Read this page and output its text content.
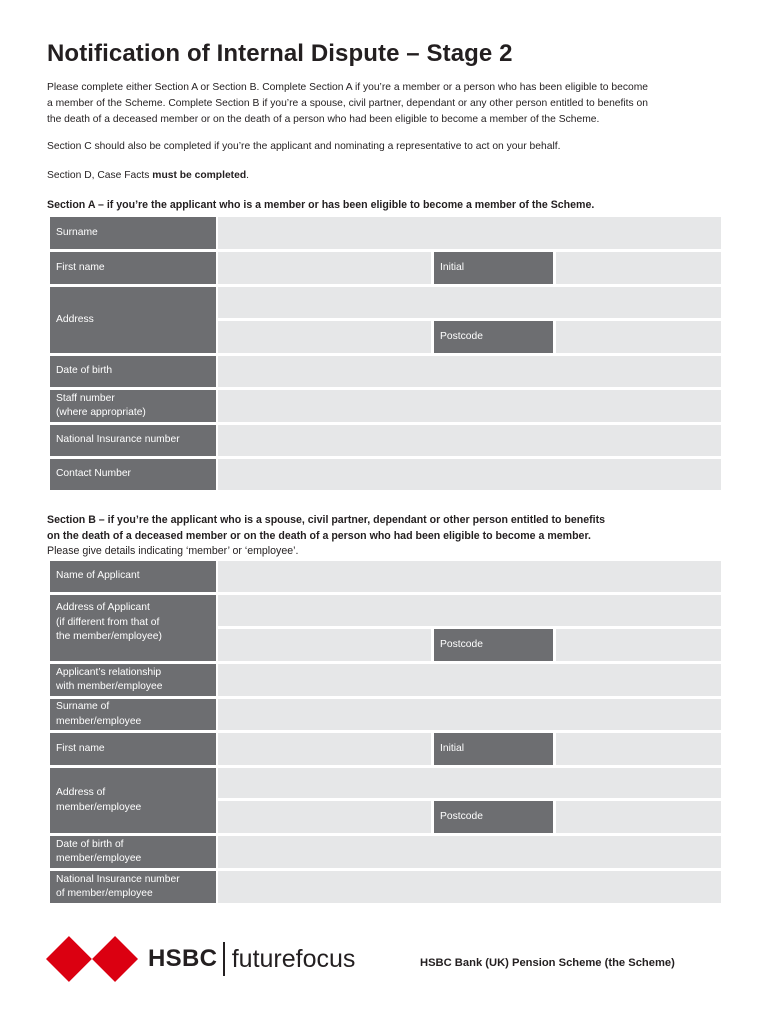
Notification of Internal Dispute – Stage 2

Please complete either Section A or Section B. Complete Section A if you’re a member or a person who has been eligible to become
a member of the Scheme. Complete Section B if you’re a spouse, civil partner, dependant or any other person entitled to benefits on
the death of a deceased member or on the death of a person who had been eligible to become a member of the Scheme.

Section C should also be completed if you’re the applicant and nominating a representative to act on your behalf.

Section D, Case Facts must be completed.

Section A – if you’re the applicant who is a member or has been eligible to become a member of the Scheme.

Surname
First name	Initial
Address
Postcode
Date of birth
Staff number
(where appropriate)
National Insurance number
Contact Number

Section B – if you’re the applicant who is a spouse, civil partner, dependant or other person entitled to benefits
on the death of a deceased member or on the death of a person who had been eligible to become a member.
Please give details indicating ‘member’ or ‘employee’.

Name of Applicant
Address of Applicant
(if different from that of
the member/employee)
Postcode
Applicant’s relationship
with member/employee
Surname of
member/employee
First name	Initial
Address of
member/employee
Postcode
Date of birth of
member/employee
National Insurance number
of member/employee
HSBC futurefocus	HSBC Bank (UK) Pension Scheme (the Scheme)
